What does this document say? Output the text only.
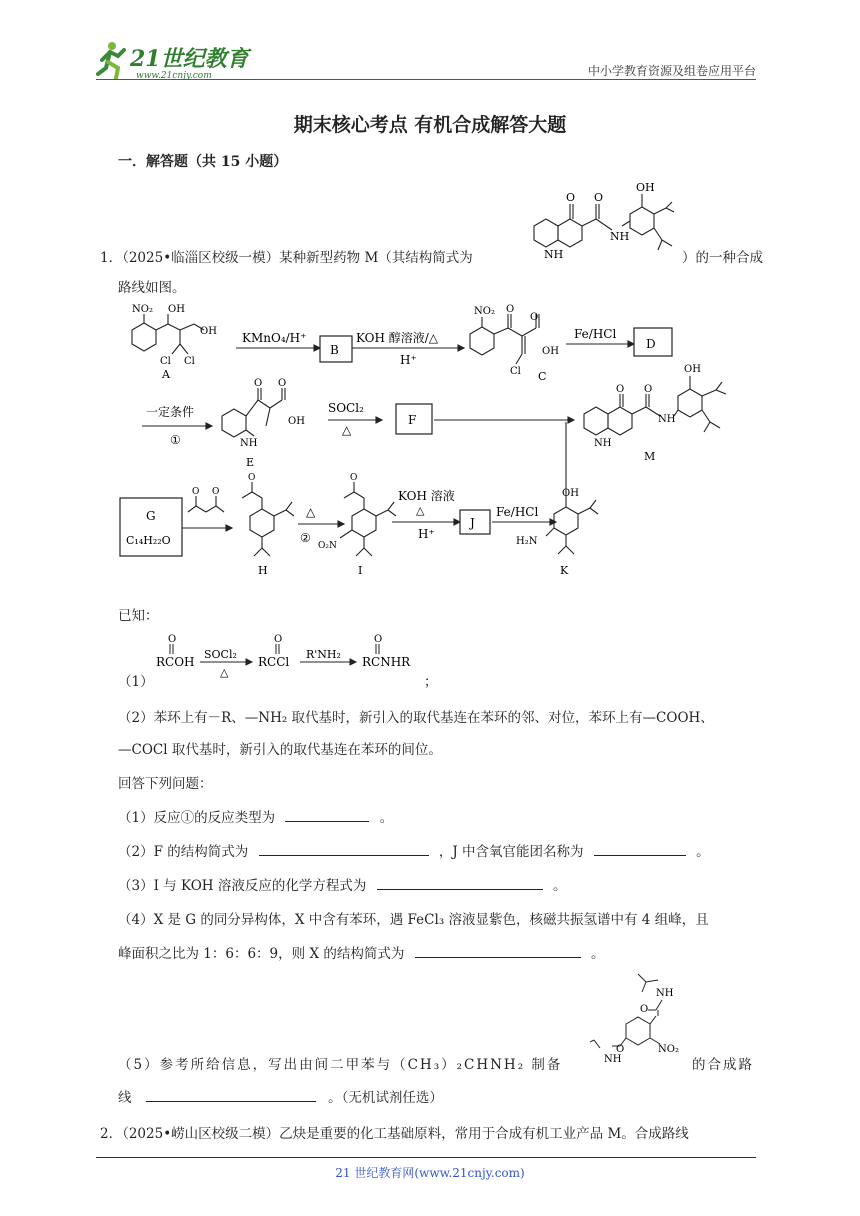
21世纪教育
www.21cnjy.com	中小学教育资源及组卷应用平台
期末核心考点 有机合成解答大题
一．解答题（共 15 小题）
1．（2025•临淄区校级一模）某种新型药物 M（其结构简式为
O O
OH
NH
NH	）的一种合成
路线如图。
NO₂ OH
OH
Cl Cl
A
KMnO₄/H⁺
B
KOH 醇溶液/△
H⁺
NO₂
OH
O
O
Cl C
Fe/HCl
D
一定条件
①
O O
OH
NH
E
SOCl₂
△
F
O O
OH
NH
NH
M
G
C₁₄H₂₂O
O O
O
H
△
②
O
O₂N
I
KOH 溶液
△
H⁺
J
Fe/HCl
OH
H₂N
K
已知：
（1）
O	O	O
RCOH
SOCl₂
△
RCCl
R'NH₂
RCNHR
；
（2）苯环上有－R、—NH₂ 取代基时，新引入的取代基连在苯环的邻、对位，苯环上有—COOH、
—COCl 取代基时，新引入的取代基连在苯环的间位。
回答下列问题：
（1）反应①的反应类型为	。
（2）F 的结构简式为	，J 中含氧官能团名称为	。
（3）I 与 KOH 溶液反应的化学方程式为	。
（4）X 是 G 的同分异构体，X 中含有苯环，遇 FeCl₃ 溶液显紫色，核磁共振氢谱中有 4 组峰，且
峰面积之比为 1：6：6：9，则 X 的结构简式为	。
NH
O
NO₂
NH
O
（5）参考所给信息，写出由间二甲苯与（CH₃）₂CHNH₂ 制备	的合成路
线	。（无机试剂任选）
2．（2025•崂山区校级二模）乙炔是重要的化工基础原料，常用于合成有机工业产品 M。合成路线
21 世纪教育网(www.21cnjy.com)
